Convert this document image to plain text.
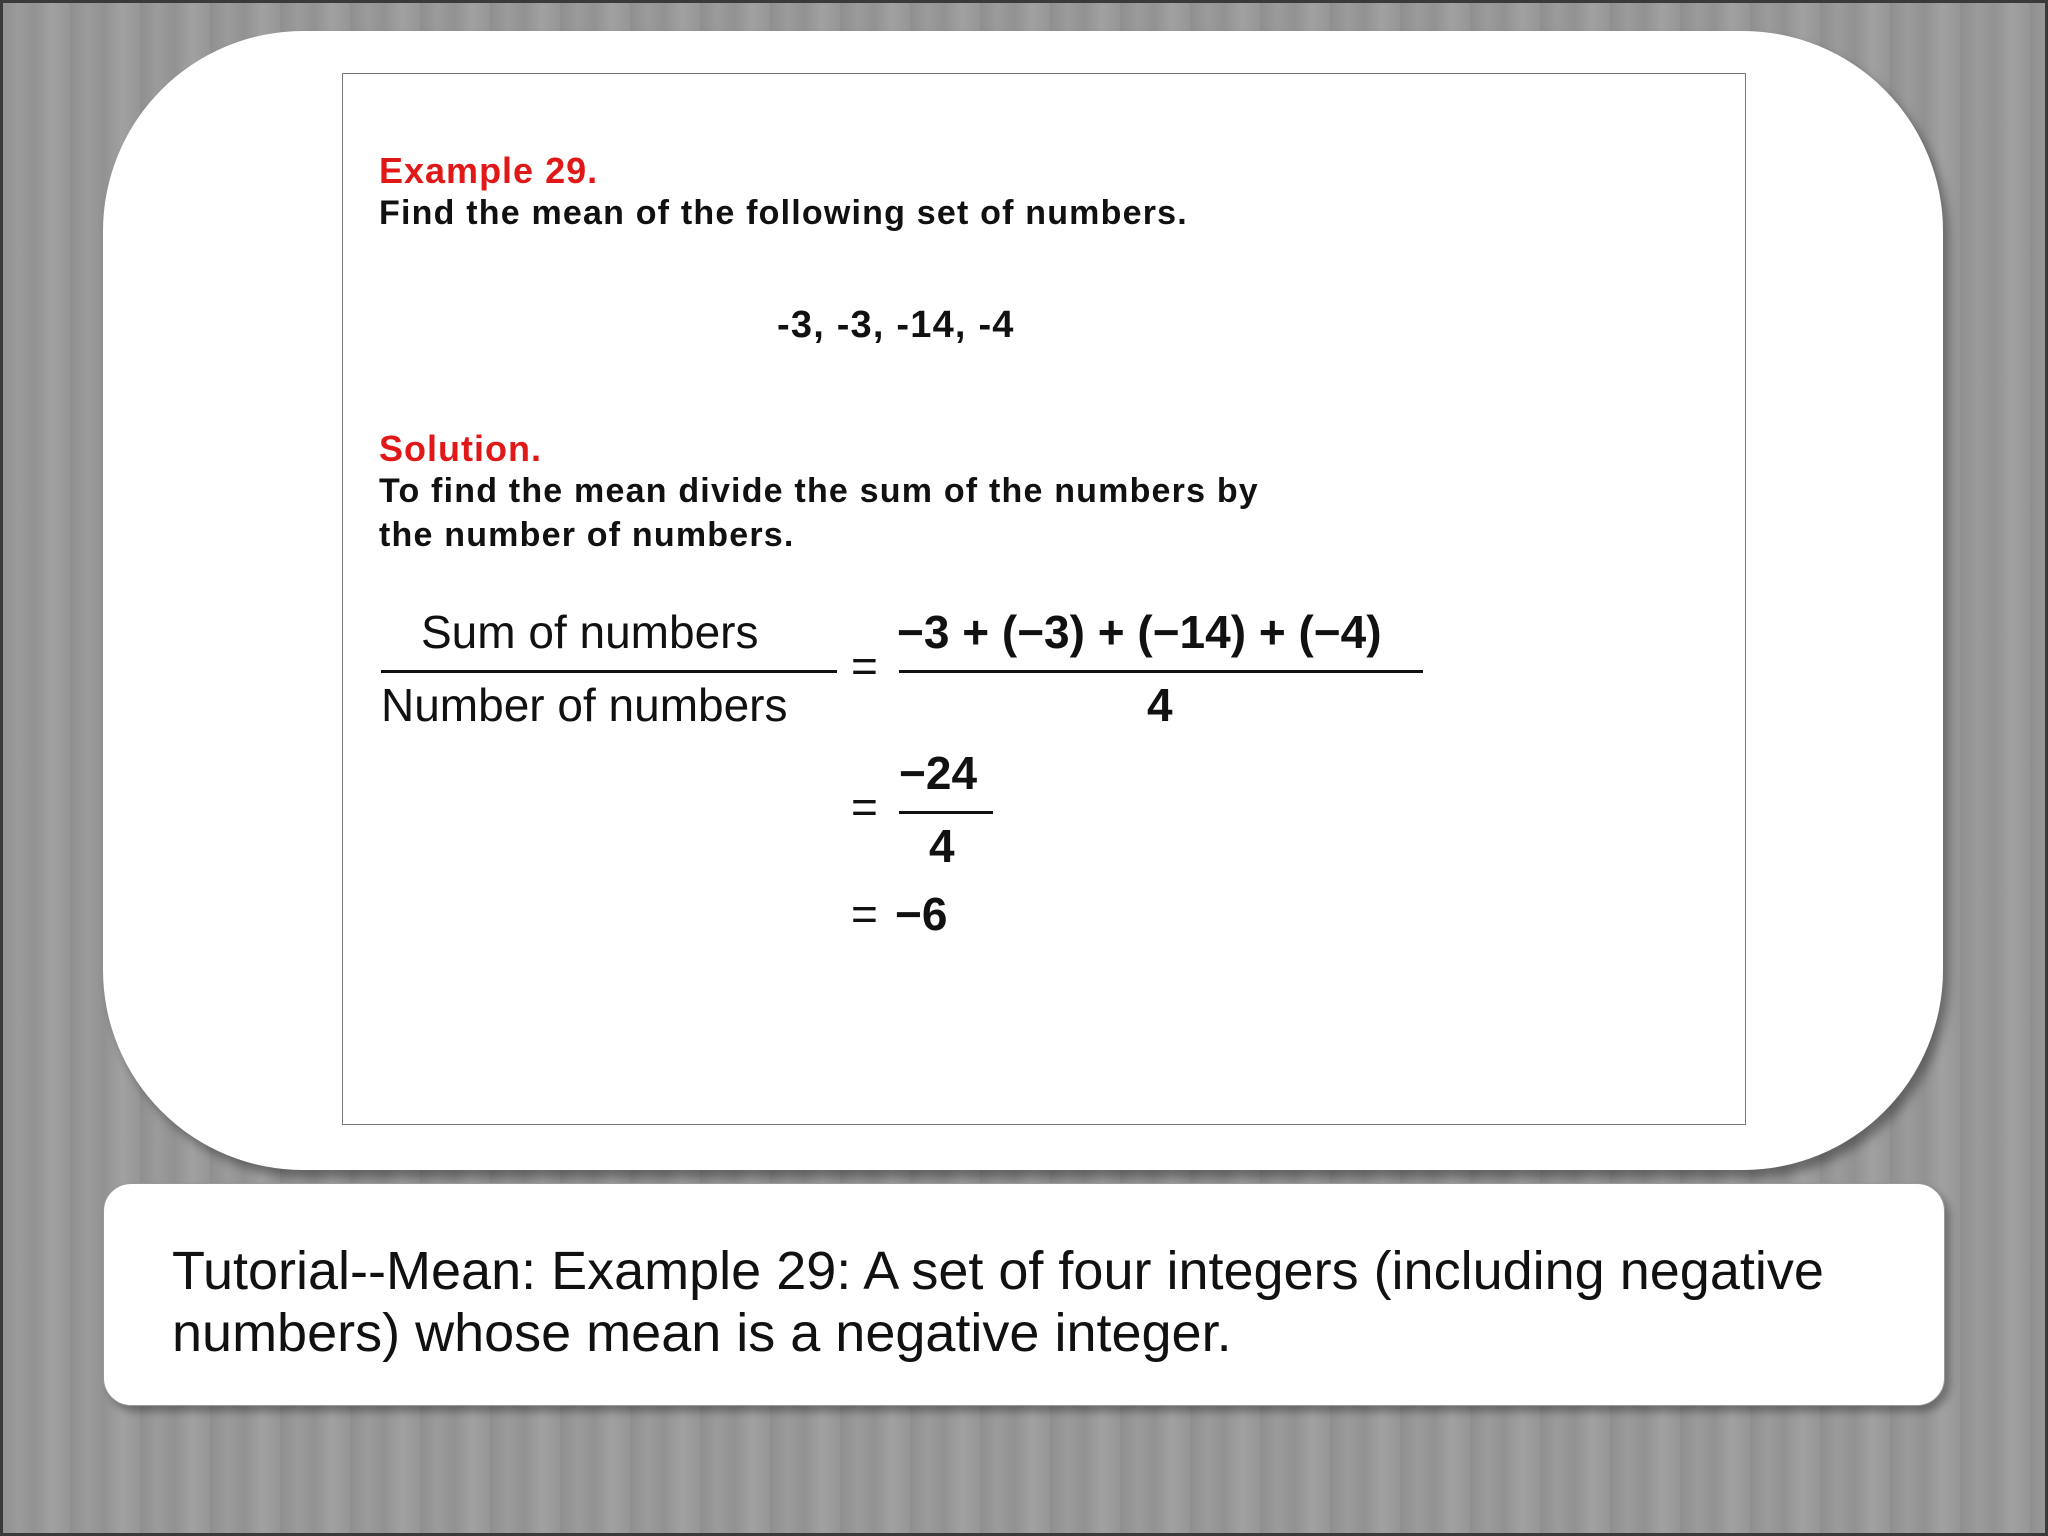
Example 29.

Find the mean of the following set of numbers.

-3, -3, -14, -4

Solution.

To find the mean divide the sum of the numbers by

the number of numbers.

Sum of numbers

Number of numbers

=

−3 + (−3) + (−14) + (−4)

4

=

−24

4

= −6

Tutorial--Mean: Example 29: A set of four integers (including negative numbers) whose mean is a negative integer.
